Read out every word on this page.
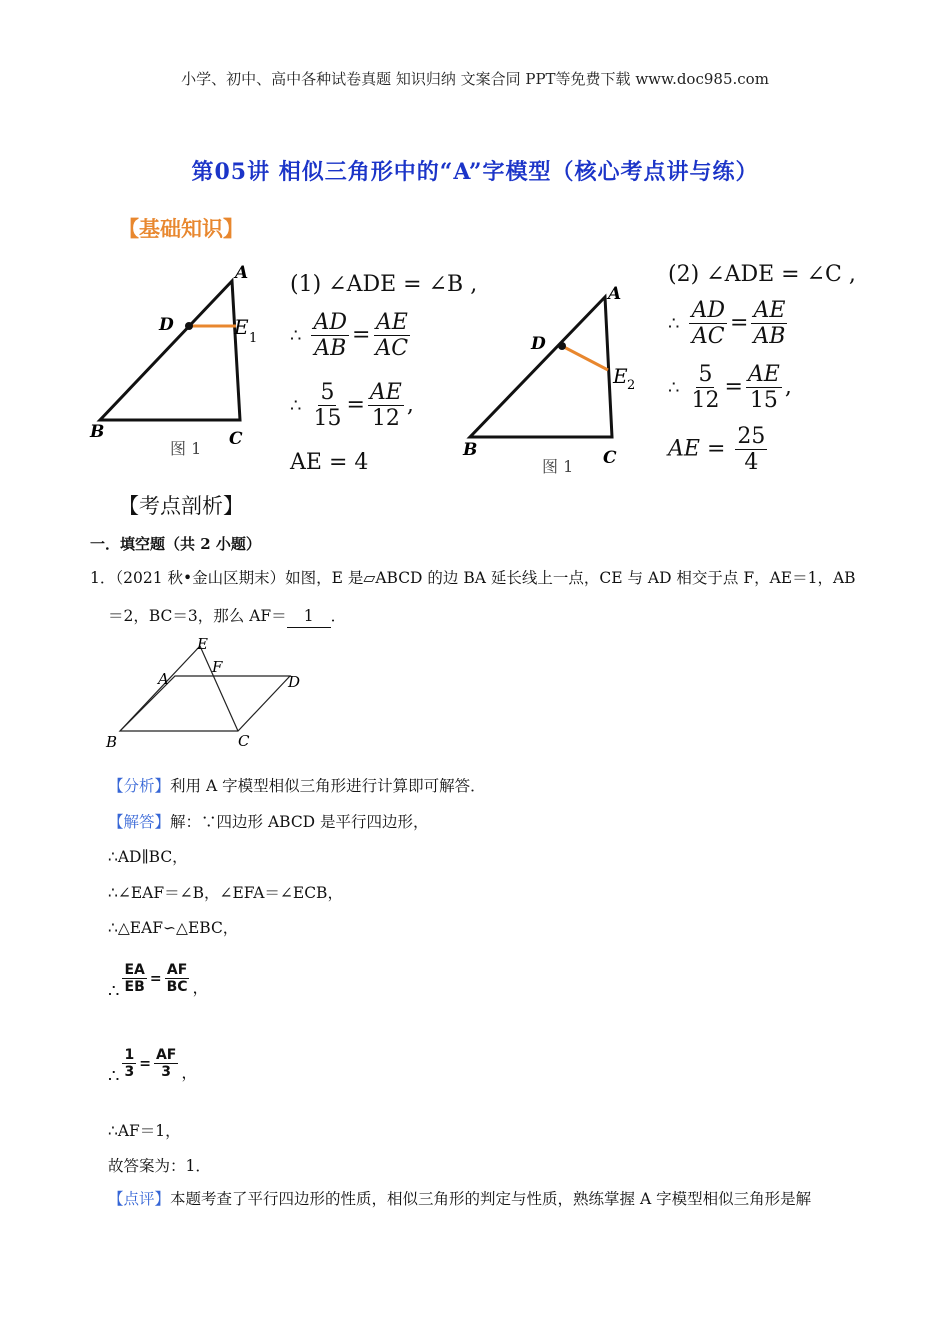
小学、初中、高中各种试卷真题 知识归纳 文案合同 PPT等免费下载 www.doc985.com
第05讲 相似三角形中的“A”字模型（核心考点讲与练）
【基础知识】
A
D	E 1
B	C
图 1
(1) ∠ADE = ∠B ,
∴ $\frac{AD}{AB} = \frac{AE}{AC}$
∴ $\frac{5}{15} = \frac{AE}{12}$ ,
AE = 4
A
D
E 2
B	C
图 1
(2) ∠ADE = ∠C ,
∴ $\frac{AD}{AC} = \frac{AE}{AB}$
∴ $\frac{5}{12} = \frac{AE}{15}$ ,
AE = $\frac{25}{4}$
【考点剖析】
一．填空题（共 2 小题）
1．（2021 秋•金山区期末）如图，E 是▱ABCD 的边 BA 延长线上一点，CE 与 AD 相交于点 F，AE＝1，AB
＝2，BC＝3，那么 AF＝ 1 ．
E
F
A	D
B	C
【分析】利用 A 字模型相似三角形进行计算即可解答．
【解答】解：∵四边形 ABCD 是平行四边形，
∴AD∥BC，
∴∠EAF＝∠B，∠EFA＝∠ECB，
∴△EAF∽△EBC，
∴ $\frac{EA}{EB} = \frac{AF}{BC}$ ，
∴ $\frac{1}{3} = \frac{AF}{3}$ ，
∴AF＝1，
故答案为：1．
【点评】本题考查了平行四边形的性质，相似三角形的判定与性质，熟练掌握 A 字模型相似三角形是解
